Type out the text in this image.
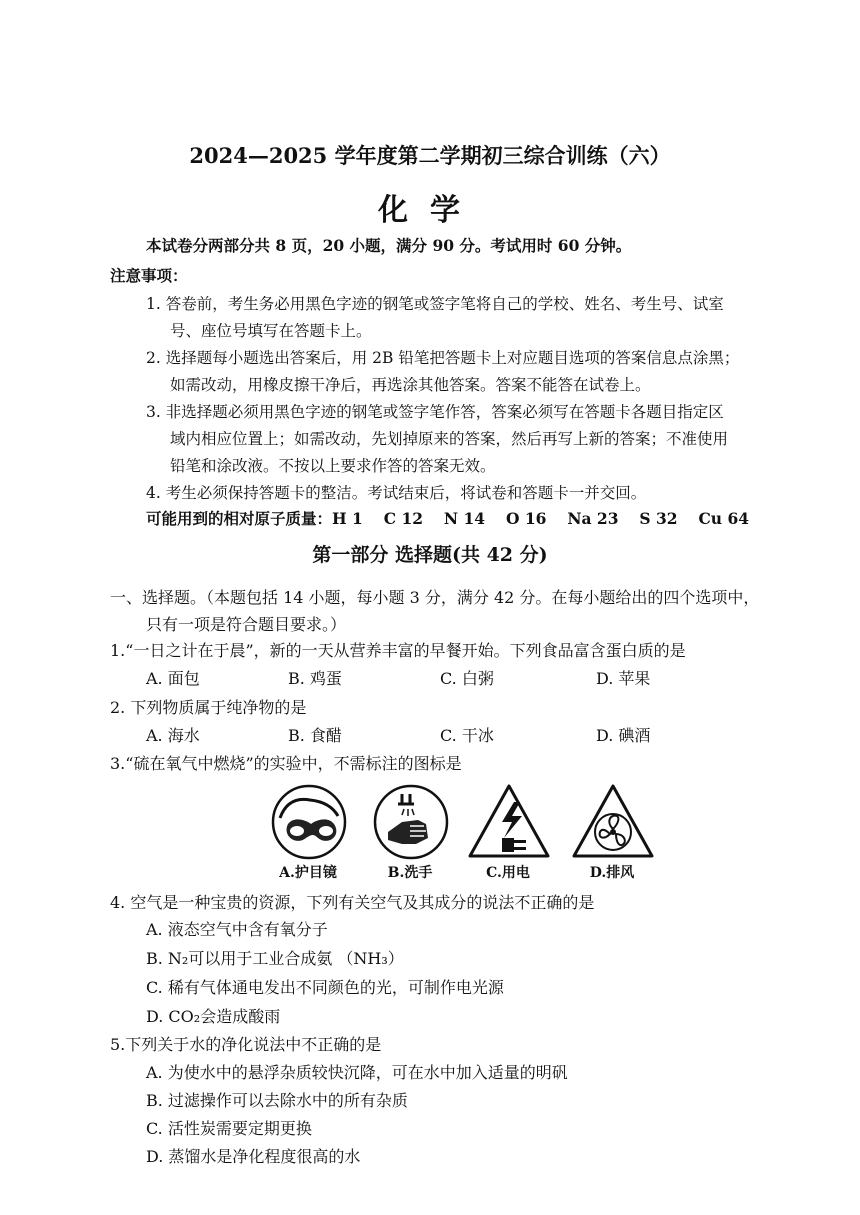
2024—2025 学年度第二学期初三综合训练（六）
化学
本试卷分两部分共 8 页，20 小题，满分 90 分。考试用时 60 分钟。
注意事项：
1. 答卷前，考生务必用黑色字迹的钢笔或签字笔将自己的学校、姓名、考生号、试室
号、座位号填写在答题卡上。
2. 选择题每小题选出答案后，用 2B 铅笔把答题卡上对应题目选项的答案信息点涂黑；
如需改动，用橡皮擦干净后，再选涂其他答案。答案不能答在试卷上。
3. 非选择题必须用黑色字迹的钢笔或签字笔作答，答案必须写在答题卡各题目指定区
域内相应位置上；如需改动，先划掉原来的答案，然后再写上新的答案；不准使用
铅笔和涂改液。不按以上要求作答的答案无效。
4. 考生必须保持答题卡的整洁。考试结束后，将试卷和答题卡一并交回。
可能用到的相对原子质量：H 1　 C 12　 N 14　 O 16　 Na 23　 S 32　 Cu 64
第一部分 选择题(共 42 分)
一、选择题。（本题包括 14 小题，每小题 3 分，满分 42 分。在每小题给出的四个选项中，
只有一项是符合题目要求。）
1.“一日之计在于晨”，新的一天从营养丰富的早餐开始。下列食品富含蛋白质的是
A. 面包	B. 鸡蛋	C. 白粥	D. 苹果
2. 下列物质属于纯净物的是
A. 海水	B. 食醋	C. 干冰	D. 碘酒
3.“硫在氧气中燃烧”的实验中，不需标注的图标是
A.护目镜	B.洗手	C.用电	D.排风
4. 空气是一种宝贵的资源，下列有关空气及其成分的说法不正确的是
A. 液态空气中含有氧分子
B. N₂可以用于工业合成氨 （NH₃）
C. 稀有气体通电发出不同颜色的光，可制作电光源
D. CO₂会造成酸雨
5.下列关于水的净化说法中不正确的是
A. 为使水中的悬浮杂质较快沉降，可在水中加入适量的明矾
B. 过滤操作可以去除水中的所有杂质
C. 活性炭需要定期更换
D. 蒸馏水是净化程度很高的水
